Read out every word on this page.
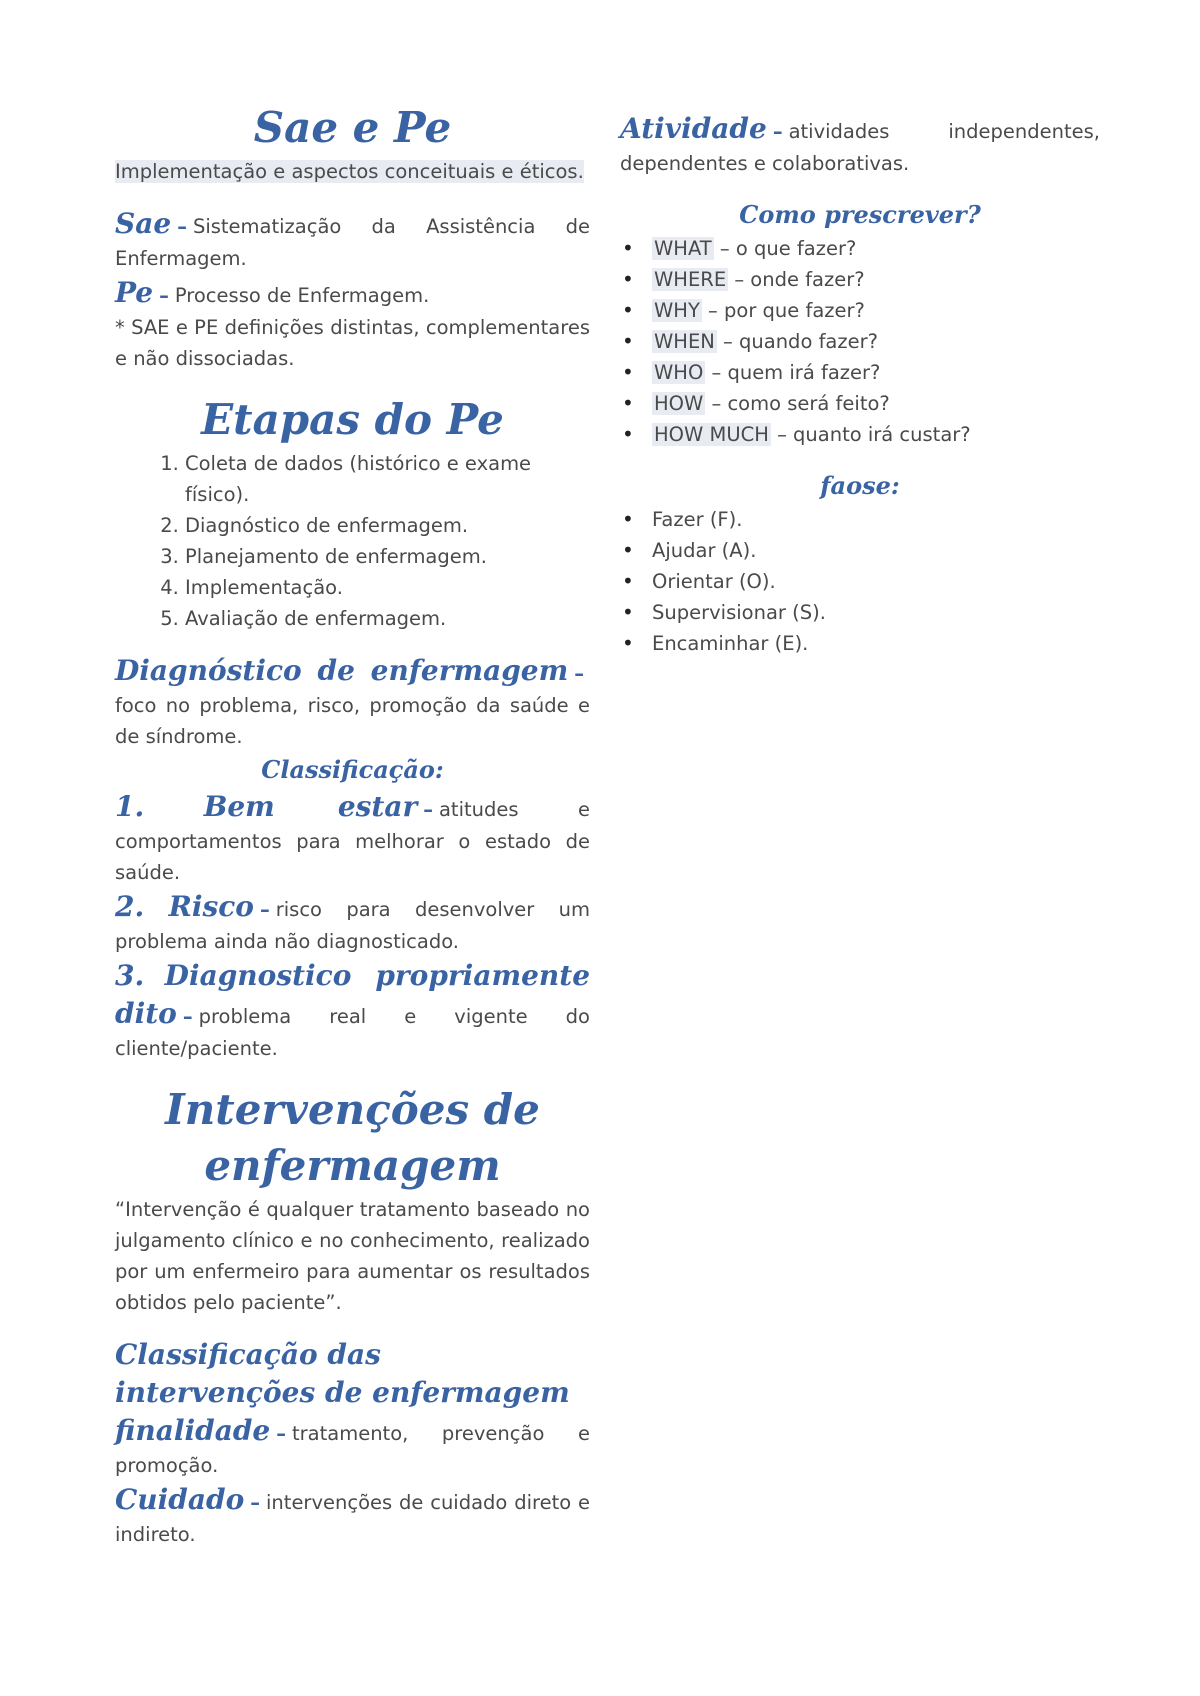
Sae e Pe

Implementação e aspectos conceituais e éticos.

Sae – Sistematização da Assistência de Enfermagem.

Pe – Processo de Enfermagem.

* SAE e PE definições distintas, complementares e não dissociadas.

Etapas do Pe
1. Coleta de dados (histórico e exame físico).
2. Diagnóstico de enfermagem.
3. Planejamento de enfermagem.
4. Implementação.
5. Avaliação de enfermagem.

Diagnóstico de enfermagem –foco no problema, risco, promoção da saúde e de síndrome.

Classificação:

1. Bem estar – atitudes e comportamentos para melhorar o estado de saúde.

2. Risco – risco para desenvolver um problema ainda não diagnosticado.

3. Diagnostico propriamente dito – problema real e vigente do cliente/paciente.

Intervenções de enfermagem

“Intervenção é qualquer tratamento baseado no julgamento clínico e no conhecimento, realizado por um enfermeiro para aumentar os resultados obtidos pelo paciente”.

Classificação das intervenções de enfermagem

finalidade – tratamento, prevenção e promoção.

Cuidado – intervenções de cuidado direto e indireto.

Atividade – atividades independentes, dependentes e colaborativas.

Como prescrever?
• WHAT – o que fazer?
• WHERE – onde fazer?
• WHY – por que fazer?
• WHEN – quando fazer?
• WHO – quem irá fazer?
• HOW – como será feito?
• HOW MUCH – quanto irá custar?
faose:
• Fazer (F).
• Ajudar (A).
• Orientar (O).
• Supervisionar (S).
• Encaminhar (E).
